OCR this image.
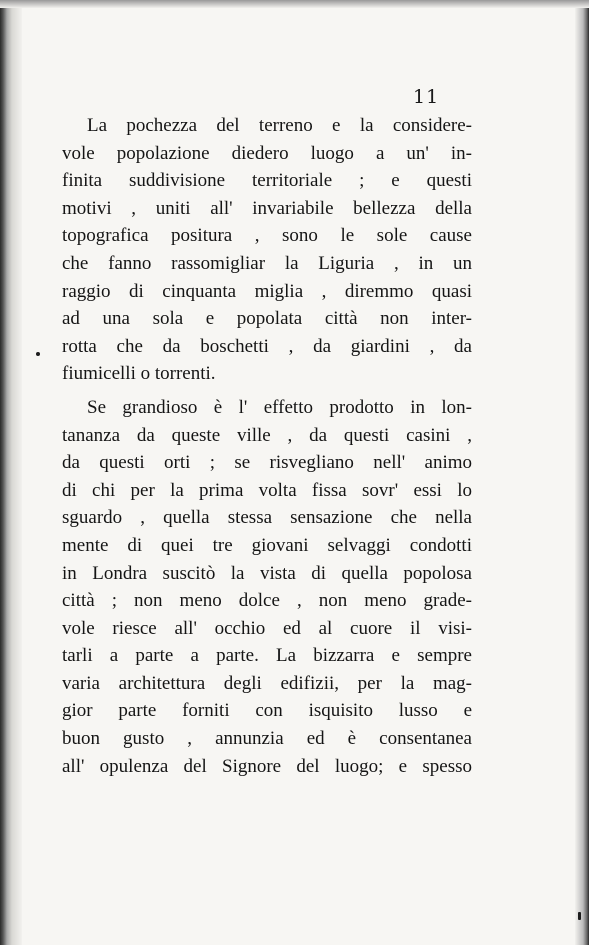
11
La pochezza del terreno e la considere-
vole popolazione diedero luogo a un' in-
finita suddivisione territoriale ; e questi
motivi , uniti all' invariabile bellezza della
topografica positura , sono le sole cause
che fanno rassomigliar la Liguria , in un
raggio di cinquanta miglia , diremmo quasi
ad una sola e popolata città non inter-
rotta che da boschetti , da giardini , da
fiumicelli o torrenti.
Se grandioso è l' effetto prodotto in lon-
tananza da queste ville , da questi casini ,
da questi orti ; se risvegliano nell' animo
di chi per la prima volta fissa sovr' essi lo
sguardo , quella stessa sensazione che nella
mente di quei tre giovani selvaggi condotti
in Londra suscitò la vista di quella popolosa
città ; non meno dolce , non meno grade-
vole riesce all' occhio ed al cuore il visi-
tarli a parte a parte. La bizzarra e sempre
varia architettura degli edifizii, per la mag-
gior parte forniti con isquisito lusso e
buon gusto , annunzia ed è consentanea
all' opulenza del Signore del luogo; e spesso
